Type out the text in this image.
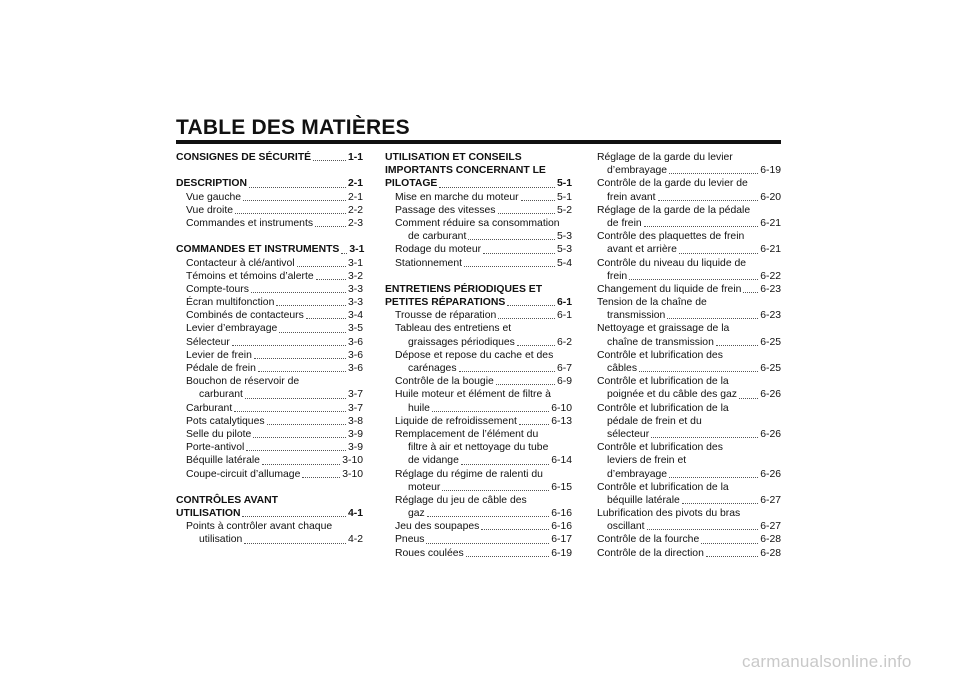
TABLE DES MATIÈRES
CONSIGNES DE SÉCURITÉ	1-1
DESCRIPTION	2-1
Vue gauche	2-1
Vue droite	2-2
Commandes et instruments	2-3
COMMANDES ET INSTRUMENTS 3-1
Contacteur à clé/antivol	3-1
Témoins et témoins d’alerte	3-2
Compte-tours	3-3
Écran multifonction	3-3
Combinés de contacteurs	3-4
Levier d’embrayage	3-5
Sélecteur	3-6
Levier de frein	3-6
Pédale de frein	3-6
Bouchon de réservoir de
carburant	3-7
Carburant	3-7
Pots catalytiques	3-8
Selle du pilote	3-9
Porte-antivol	3-9
Béquille latérale	3-10
Coupe-circuit d’allumage	3-10
CONTRÔLES AVANT
UTILISATION	4-1
Points à contrôler avant chaque
utilisation	4-2
UTILISATION ET CONSEILS
IMPORTANTS CONCERNANT LE
PILOTAGE	5-1
Mise en marche du moteur	5-1
Passage des vitesses	5-2
Comment réduire sa consommation
de carburant	5-3
Rodage du moteur	5-3
Stationnement	5-4
ENTRETIENS PÉRIODIQUES ET
PETITES RÉPARATIONS	6-1
Trousse de réparation	6-1
Tableau des entretiens et
graissages périodiques	6-2
Dépose et repose du cache et des
carénages	6-7
Contrôle de la bougie	6-9
Huile moteur et élément de filtre à
huile	6-10
Liquide de refroidissement	6-13
Remplacement de l’élément du
filtre à air et nettoyage du tube
de vidange	6-14
Réglage du régime de ralenti du
moteur	6-15
Réglage du jeu de câble des
gaz	6-16
Jeu des soupapes	6-16
Pneus	6-17
Roues coulées	6-19
Réglage de la garde du levier
d’embrayage	6-19
Contrôle de la garde du levier de
frein avant	6-20
Réglage de la garde de la pédale
de frein	6-21
Contrôle des plaquettes de frein
avant et arrière	6-21
Contrôle du niveau du liquide de
frein	6-22
Changement du liquide de frein 6-23
Tension de la chaîne de
transmission	6-23
Nettoyage et graissage de la
chaîne de transmission	6-25
Contrôle et lubrification des
câbles	6-25
Contrôle et lubrification de la
poignée et du câble des gaz 6-26
Contrôle et lubrification de la
pédale de frein et du
sélecteur	6-26
Contrôle et lubrification des
leviers de frein et
d’embrayage	6-26
Contrôle et lubrification de la
béquille latérale	6-27
Lubrification des pivots du bras
oscillant	6-27
Contrôle de la fourche	6-28
Contrôle de la direction	6-28
carmanualsonline.info
